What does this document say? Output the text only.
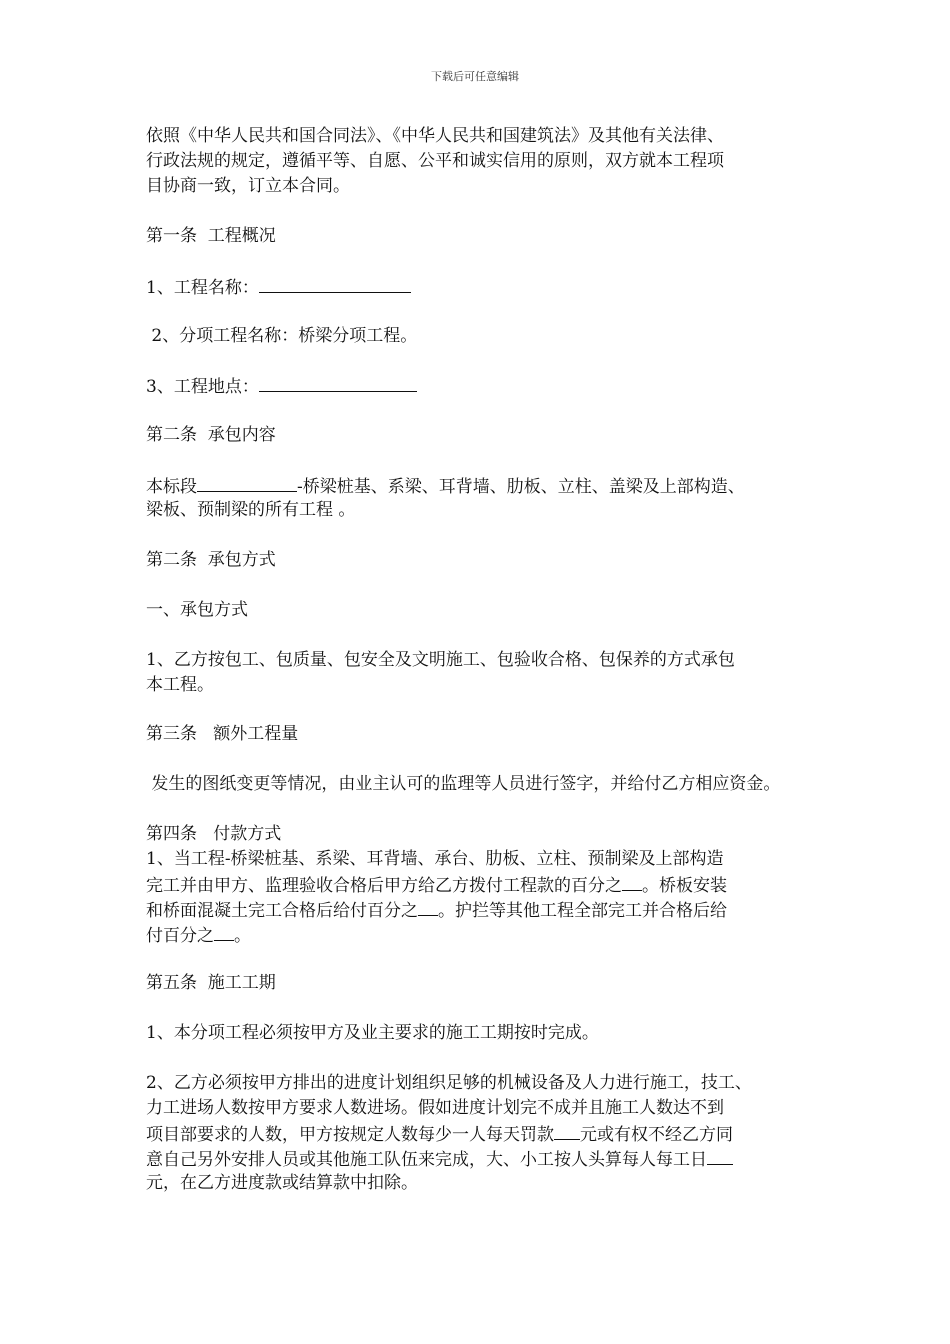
下载后可任意编辑

依照《中华人民共和国合同法》、《中华人民共和国建筑法》及其他有关法律、

行政法规的规定，遵循平等、自愿、公平和诚实信用的原则，双方就本工程项

目协商一致，订立本合同。

第一条  工程概况

1、工程名称：

2、分项工程名称：桥梁分项工程。

3、工程地点：

第二条  承包内容

本标段	-桥梁桩基、系梁、耳背墙、肋板、立柱、盖梁及上部构造、

梁板、预制梁的所有工程 。

第二条  承包方式

一、承包方式

1、乙方按包工、包质量、包安全及文明施工、包验收合格、包保养的方式承包

本工程。

第三条   额外工程量

发生的图纸变更等情况，由业主认可的监理等人员进行签字，并给付乙方相应资金。

第四条   付款方式

1、当工程-桥梁桩基、系梁、耳背墙、承台、肋板、立柱、预制梁及上部构造

完工并由甲方、监理验收合格后甲方给乙方拨付工程款的百分之 。桥板安装

和桥面混凝土完工合格后给付百分之 。护拦等其他工程全部完工并合格后给

付百分之 。

第五条  施工工期

1、本分项工程必须按甲方及业主要求的施工工期按时完成。

2、乙方必须按甲方排出的进度计划组织足够的机械设备及人力进行施工，技工、

力工进场人数按甲方要求人数进场。假如进度计划完不成并且施工人数达不到

项目部要求的人数，甲方按规定人数每少一人每天罚款 元或有权不经乙方同

意自己另外安排人员或其他施工队伍来完成，大、小工按人头算每人每工日

元，在乙方进度款或结算款中扣除。
